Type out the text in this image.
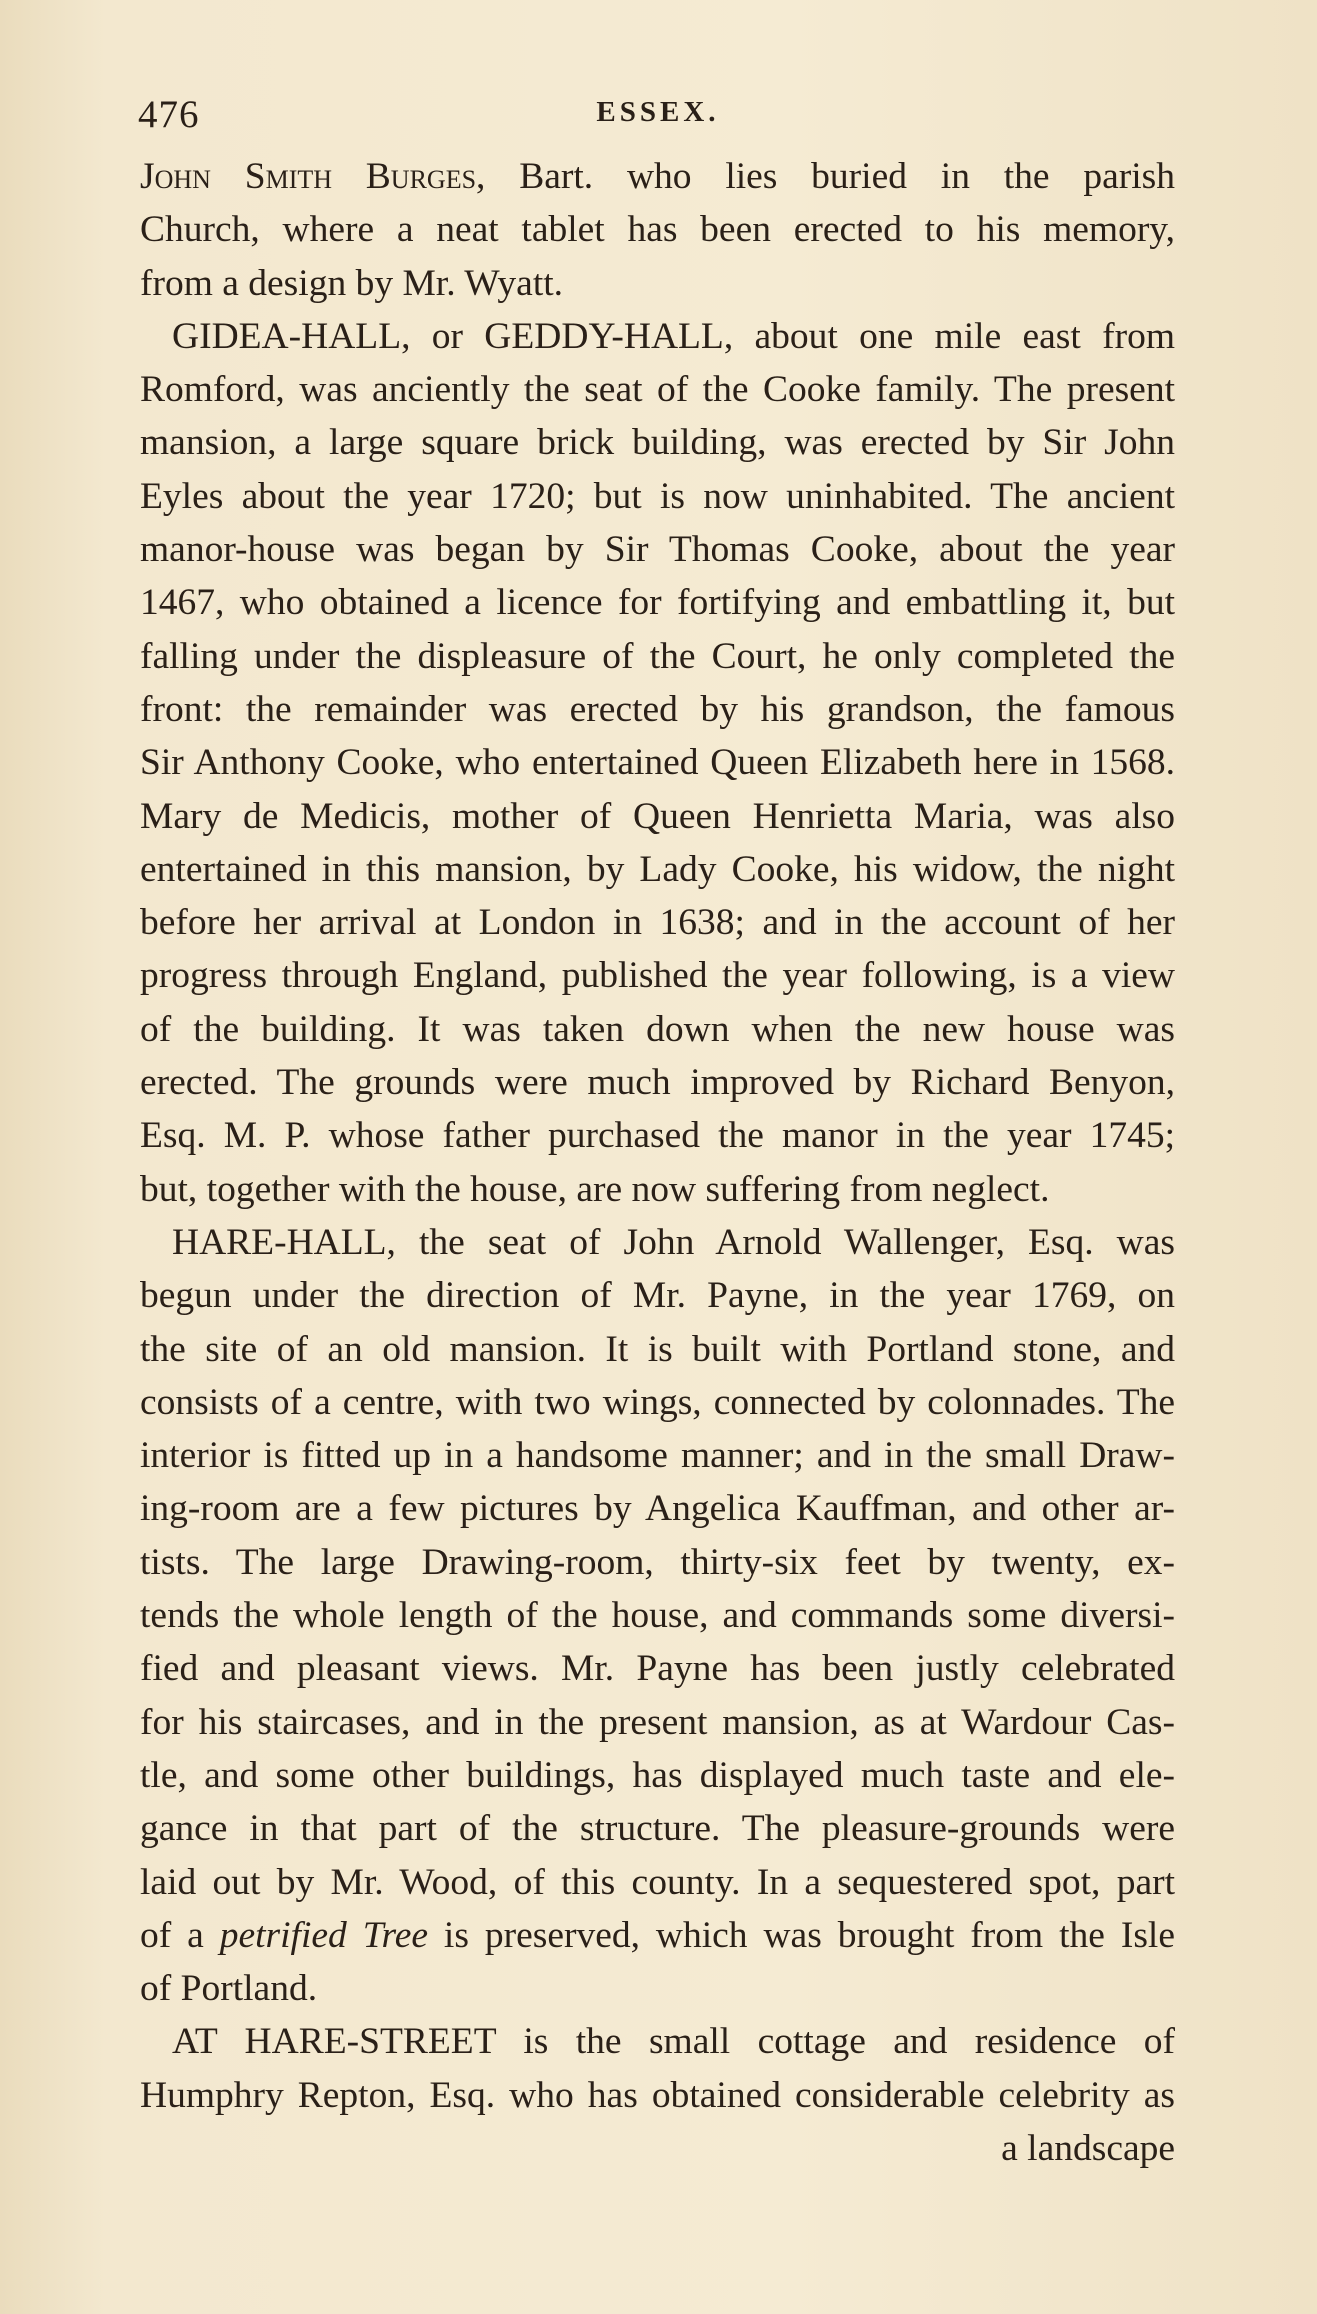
476	ESSEX.
John Smith Burges, Bart. who lies buried in the parish
Church, where a neat tablet has been erected to his memory,
from a design by Mr. Wyatt.
GIDEA-HALL, or GEDDY-HALL, about one mile east from
Romford, was anciently the seat of the Cooke family. The present
mansion, a large square brick building, was erected by Sir John
Eyles about the year 1720; but is now uninhabited. The ancient
manor-house was began by Sir Thomas Cooke, about the year
1467, who obtained a licence for fortifying and embattling it, but
falling under the displeasure of the Court, he only completed the
front: the remainder was erected by his grandson, the famous
Sir Anthony Cooke, who entertained Queen Elizabeth here in 1568.
Mary de Medicis, mother of Queen Henrietta Maria, was also
entertained in this mansion, by Lady Cooke, his widow, the night
before her arrival at London in 1638; and in the account of her
progress through England, published the year following, is a view
of the building. It was taken down when the new house was
erected. The grounds were much improved by Richard Benyon,
Esq. M. P. whose father purchased the manor in the year 1745;
but, together with the house, are now suffering from neglect.
HARE-HALL, the seat of John Arnold Wallenger, Esq. was
begun under the direction of Mr. Payne, in the year 1769, on
the site of an old mansion. It is built with Portland stone, and
consists of a centre, with two wings, connected by colonnades. The
interior is fitted up in a handsome manner; and in the small Draw-
ing-room are a few pictures by Angelica Kauffman, and other ar-
tists. The large Drawing-room, thirty-six feet by twenty, ex-
tends the whole length of the house, and commands some diversi-
fied and pleasant views. Mr. Payne has been justly celebrated
for his staircases, and in the present mansion, as at Wardour Cas-
tle, and some other buildings, has displayed much taste and ele-
gance in that part of the structure. The pleasure-grounds were
laid out by Mr. Wood, of this county. In a sequestered spot, part
of a petrified Tree is preserved, which was brought from the Isle
of Portland.
AT HARE-STREET is the small cottage and residence of
Humphry Repton, Esq. who has obtained considerable celebrity as
a landscape
